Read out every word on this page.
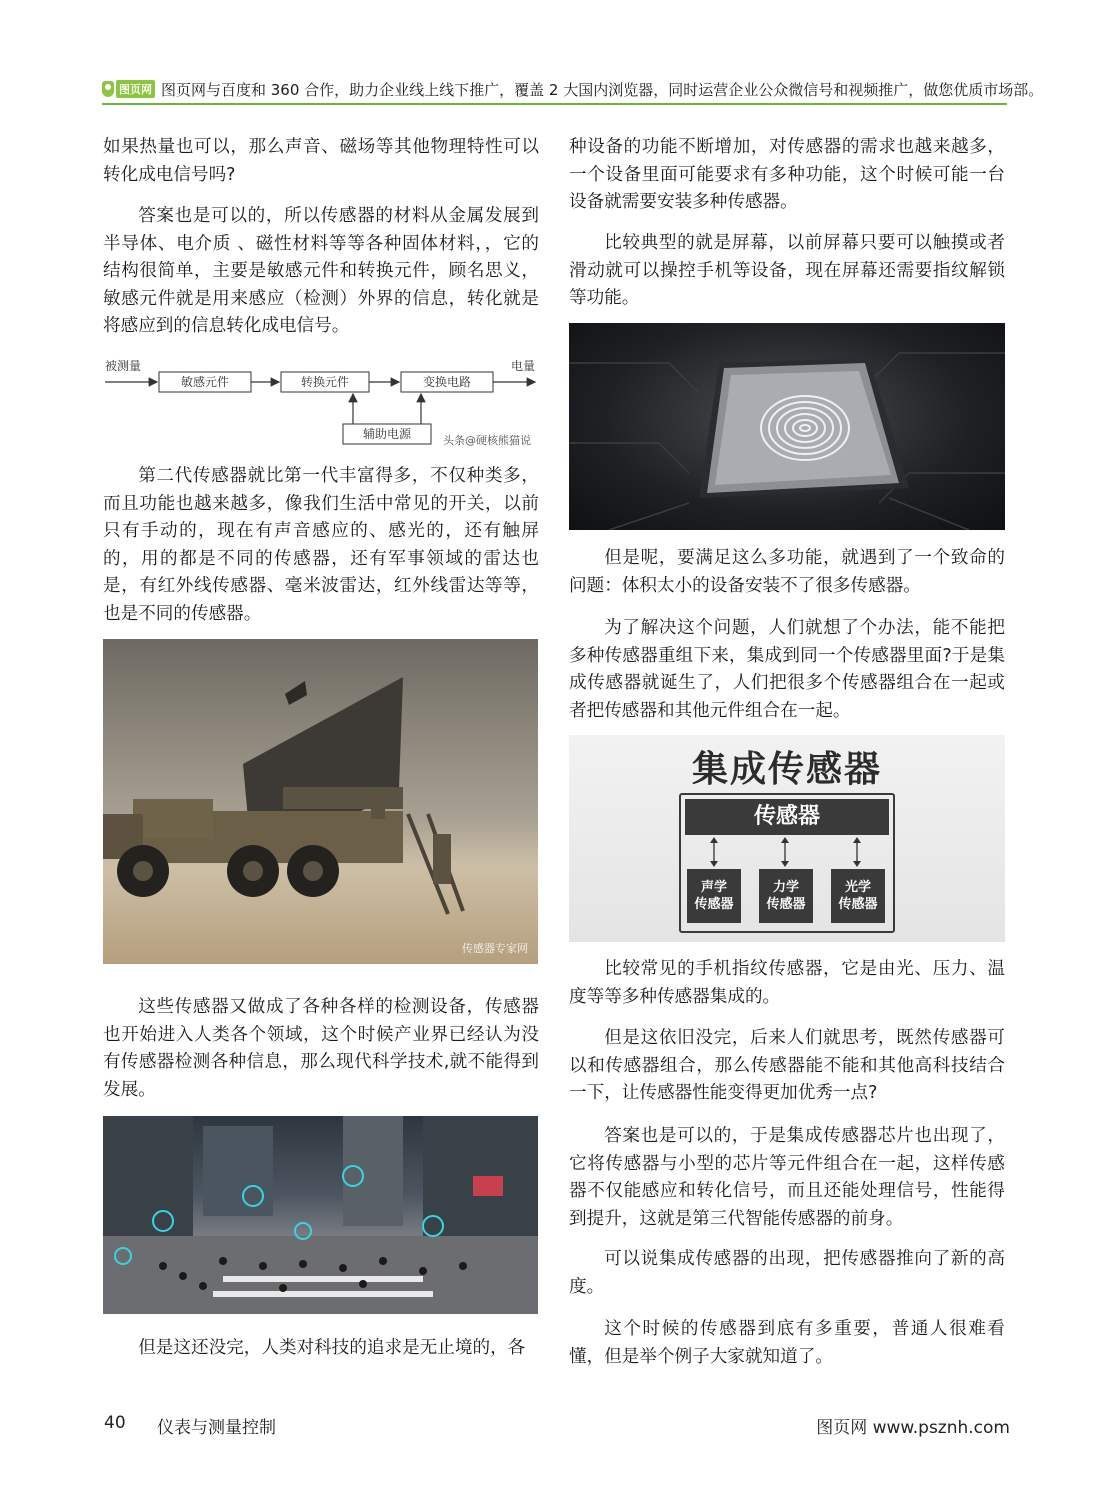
图页网 图页网与百度和 360 合作，助力企业线上线下推广，覆盖 2 大国内浏览器，同时运营企业公众微信号和视频推广，做您优质市场部。

如果热量也可以，那么声音、磁场等其他物理特性可以转化成电信号吗?

答案也是可以的，所以传感器的材料从金属发展到半导体、电介质 、磁性材料等等各种固体材料，，它的结构很简单，主要是敏感元件和转换元件，顾名思义，敏感元件就是用来感应（检测）外界的信息，转化就是将感应到的信息转化成电信号。

被测量
敏感元件	转换元件	变换电路
电量
辅助电源	头条@硬核熊猫说

第二代传感器就比第一代丰富得多，不仅种类多，而且功能也越来越多，像我们生活中常见的开关，以前只有手动的，现在有声音感应的、感光的，还有触屏的，用的都是不同的传感器，还有军事领域的雷达也是，有红外线传感器、毫米波雷达，红外线雷达等等，也是不同的传感器。

传感器专家网

这些传感器又做成了各种各样的检测设备，传感器也开始进入人类各个领域，这个时候产业界已经认为没有传感器检测各种信息，那么现代科学技术,就不能得到发展。

但是这还没完，人类对科技的追求是无止境的，各

种设备的功能不断增加，对传感器的需求也越来越多，一个设备里面可能要求有多种功能，这个时候可能一台设备就需要安装多种传感器。

比较典型的就是屏幕，以前屏幕只要可以触摸或者滑动就可以操控手机等设备，现在屏幕还需要指纹解锁等功能。

但是呢，要满足这么多功能，就遇到了一个致命的问题：体积太小的设备安装不了很多传感器。

为了解决这个问题，人们就想了个办法，能不能把多种传感器重组下来，集成到同一个传感器里面?于是集成传感器就诞生了，人们把很多个传感器组合在一起或者把传感器和其他元件组合在一起。

集成传感器
传感器
声学
传感器
力学
传感器
光学
传感器

比较常见的手机指纹传感器，它是由光、压力、温度等等多种传感器集成的。

但是这依旧没完，后来人们就思考，既然传感器可以和传感器组合，那么传感器能不能和其他高科技结合一下，让传感器性能变得更加优秀一点?

答案也是可以的，于是集成传感器芯片也出现了，它将传感器与小型的芯片等元件组合在一起，这样传感器不仅能感应和转化信号，而且还能处理信号，性能得到提升，这就是第三代智能传感器的前身。

可以说集成传感器的出现，把传感器推向了新的高度。

这个时候的传感器到底有多重要，普通人很难看懂，但是举个例子大家就知道了。

40 仪表与测量控制	图页网 www.psznh.com
